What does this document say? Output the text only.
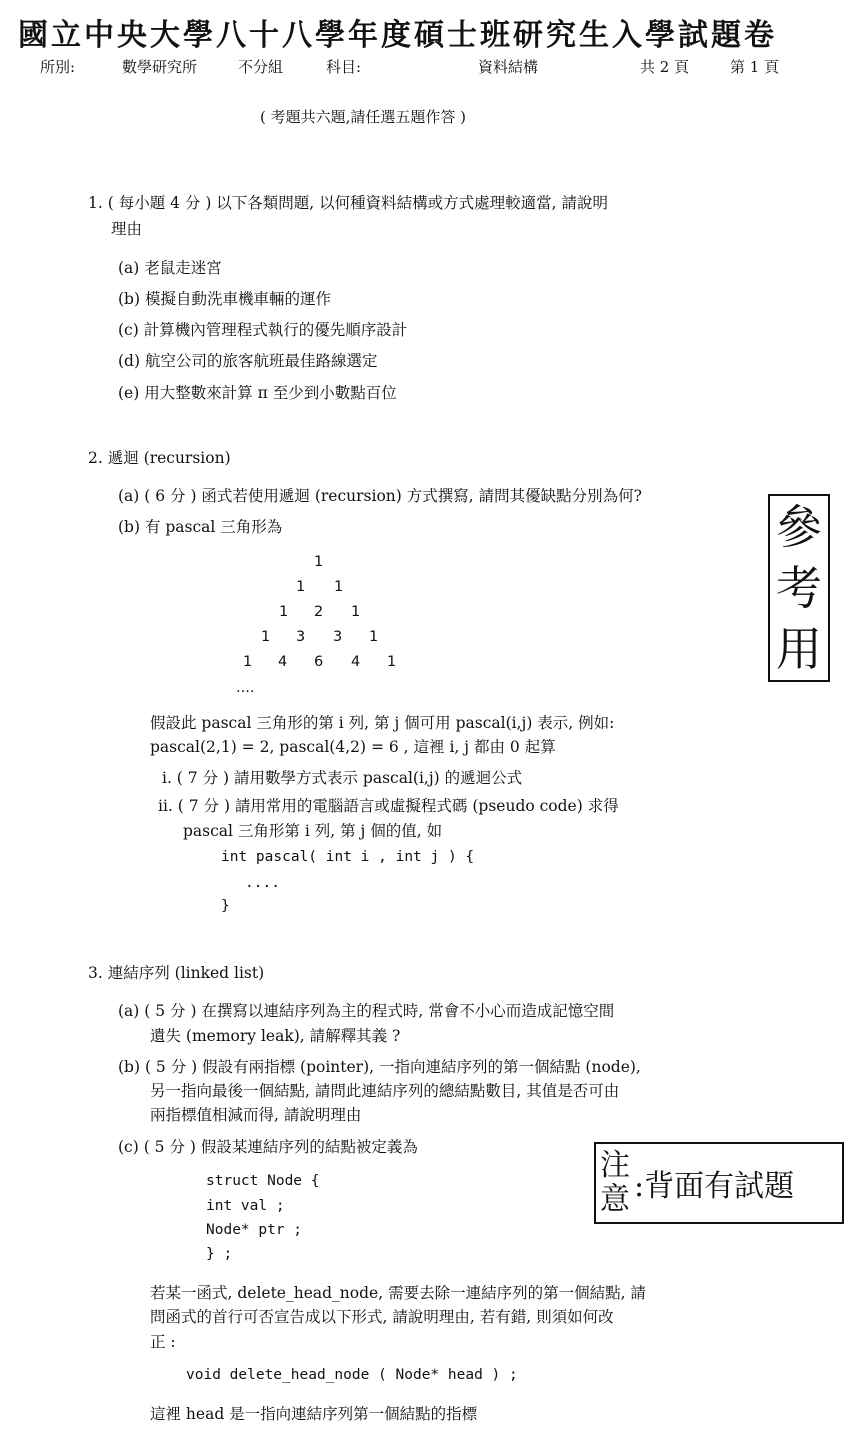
國立中央大學八十八學年度碩士班研究生入學試題卷
所別:	數學研究所	不分組	科目:	資料結構	共 2 頁	第 1 頁
( 考題共六題,請任選五題作答 )
1. ( 每小題 4 分 ) 以下各類問題, 以何種資料結構或方式處理較適當, 請說明
理由
(a) 老鼠走迷宮
(b) 模擬自動洗車機車輛的運作
(c) 計算機內管理程式執行的優先順序設計
(d) 航空公司的旅客航班最佳路線選定
(e) 用大整數來計算 π 至少到小數點百位
2. 遞迴 (recursion)
(a) ( 6 分 ) 函式若使用遞迴 (recursion) 方式撰寫, 請問其優缺點分別為何?
(b) 有 pascal 三角形為
1
1 1
1 2 1
1 3 3 1
1 4 6 4 1
....
假設此 pascal 三角形的第 i 列, 第 j 個可用 pascal(i,j) 表示, 例如:
pascal(2,1) = 2, pascal(4,2) = 6 , 這裡 i, j 都由 0 起算
i. ( 7 分 ) 請用數學方式表示 pascal(i,j) 的遞迴公式
ii. ( 7 分 ) 請用常用的電腦語言或虛擬程式碼 (pseudo code) 求得
pascal 三角形第 i 列, 第 j 個的值, 如
int pascal( int i , int j ) {
....
}
3. 連結序列 (linked list)
(a) ( 5 分 ) 在撰寫以連結序列為主的程式時, 常會不小心而造成記憶空間
遺失 (memory leak), 請解釋其義 ?
(b) ( 5 分 ) 假設有兩指標 (pointer), 一指向連結序列的第一個結點 (node),
另一指向最後一個結點, 請問此連結序列的總結點數目, 其值是否可由
兩指標值相減而得, 請說明理由
(c) ( 5 分 ) 假設某連結序列的結點被定義為
struct Node {
int val ;
Node* ptr ;
} ;
若某一函式, delete_head_node, 需要去除一連結序列的第一個結點, 請
問函式的首行可否宣告成以下形式, 請說明理由, 若有錯, 則須如何改
正 :
void delete_head_node ( Node* head ) ;
這裡 head 是一指向連結序列第一個結點的指標
參
考
用
注
意 :背面有試題
